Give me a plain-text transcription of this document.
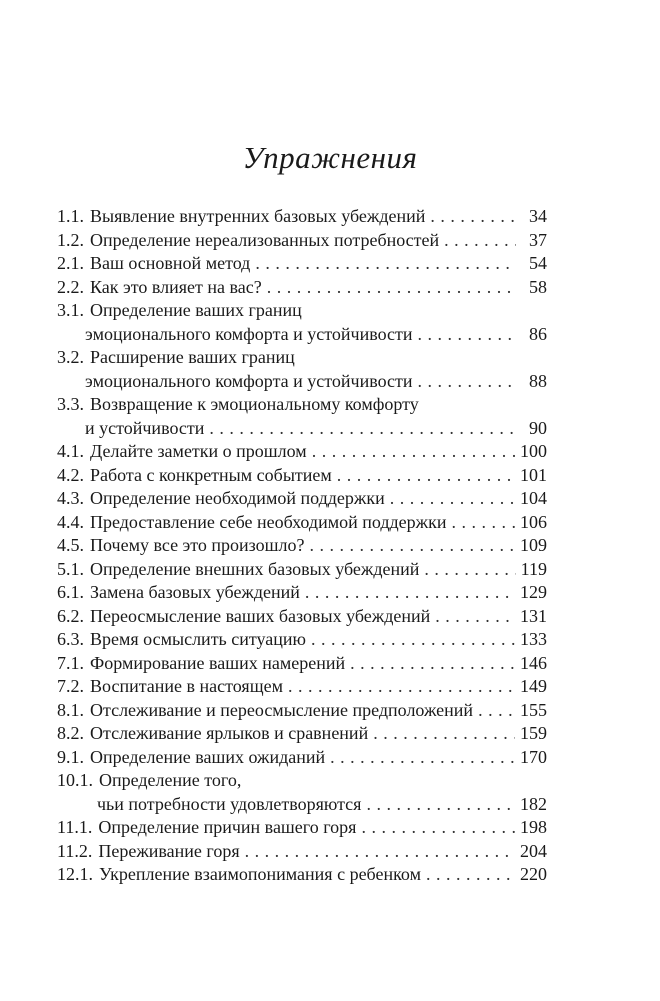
Упражнения
1.1. Выявление внутренних базовых убеждений . . .	34
1.2. Определение нереализованных потребностей . . .	37
2.1. Ваш основной метод . . .	54
2.2. Как это влияет на вас? . . .	58
3.1. Определение ваших границ
эмоционального комфорта и устойчивости . . .	86
3.2. Расширение ваших границ
эмоционального комфорта и устойчивости . . .	88
3.3. Возвращение к эмоциональному комфорту
и устойчивости . . .	90
4.1. Делайте заметки о прошлом . . .	100
4.2. Работа с конкретным событием . . .	101
4.3. Определение необходимой поддержки . . .	104
4.4. Предоставление себе необходимой поддержки . . .	106
4.5. Почему все это произошло? . . .	109
5.1. Определение внешних базовых убеждений . . .	119
6.1. Замена базовых убеждений . . .	129
6.2. Переосмысление ваших базовых убеждений . . .	131
6.3. Время осмыслить ситуацию . . .	133
7.1. Формирование ваших намерений . . .	146
7.2. Воспитание в настоящем . . .	149
8.1. Отслеживание и переосмысление предположений . . .	155
8.2. Отслеживание ярлыков и сравнений . . .	159
9.1. Определение ваших ожиданий . . .	170
10.1. Определение того,
чьи потребности удовлетворяются . . .	182
11.1. Определение причин вашего горя . . .	198
11.2. Переживание горя . . .	204
12.1. Укрепление взаимопонимания с ребенком . . .	220
